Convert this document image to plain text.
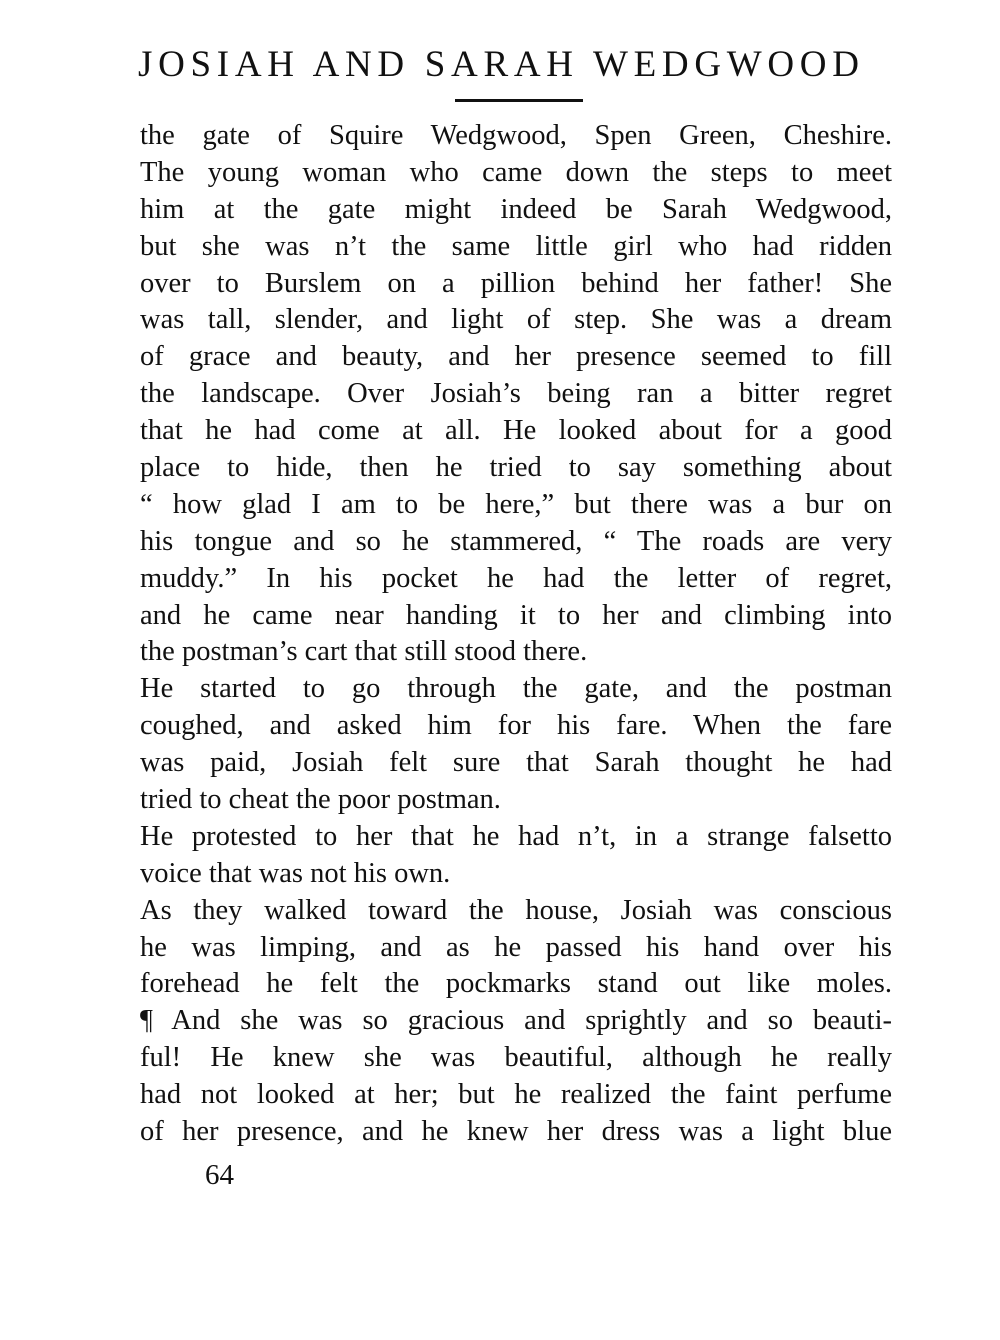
JOSIAH AND SARAH WEDGWOOD
the gate of Squire Wedgwood, Spen Green, Cheshire.
The young woman who came down the steps to meet
him at the gate might indeed be Sarah Wedgwood,
but she was n’t the same little girl who had ridden
over to Burslem on a pillion behind her father! She
was tall, slender, and light of step. She was a dream
of grace and beauty, and her presence seemed to fill
the landscape. Over Josiah’s being ran a bitter regret
that he had come at all. He looked about for a good
place to hide, then he tried to say something about
“ how glad I am to be here,” but there was a bur on
his tongue and so he stammered, “ The roads are very
muddy.” In his pocket he had the letter of regret,
and he came near handing it to her and climbing into
the postman’s cart that still stood there.
He started to go through the gate, and the postman
coughed, and asked him for his fare. When the fare
was paid, Josiah felt sure that Sarah thought he had
tried to cheat the poor postman.
He protested to her that he had n’t, in a strange falsetto
voice that was not his own.
As they walked toward the house, Josiah was conscious
he was limping, and as he passed his hand over his
forehead he felt the pockmarks stand out like moles.
¶ And she was so gracious and sprightly and so beauti-
ful! He knew she was beautiful, although he really
had not looked at her; but he realized the faint perfume
of her presence, and he knew her dress was a light blue
64
